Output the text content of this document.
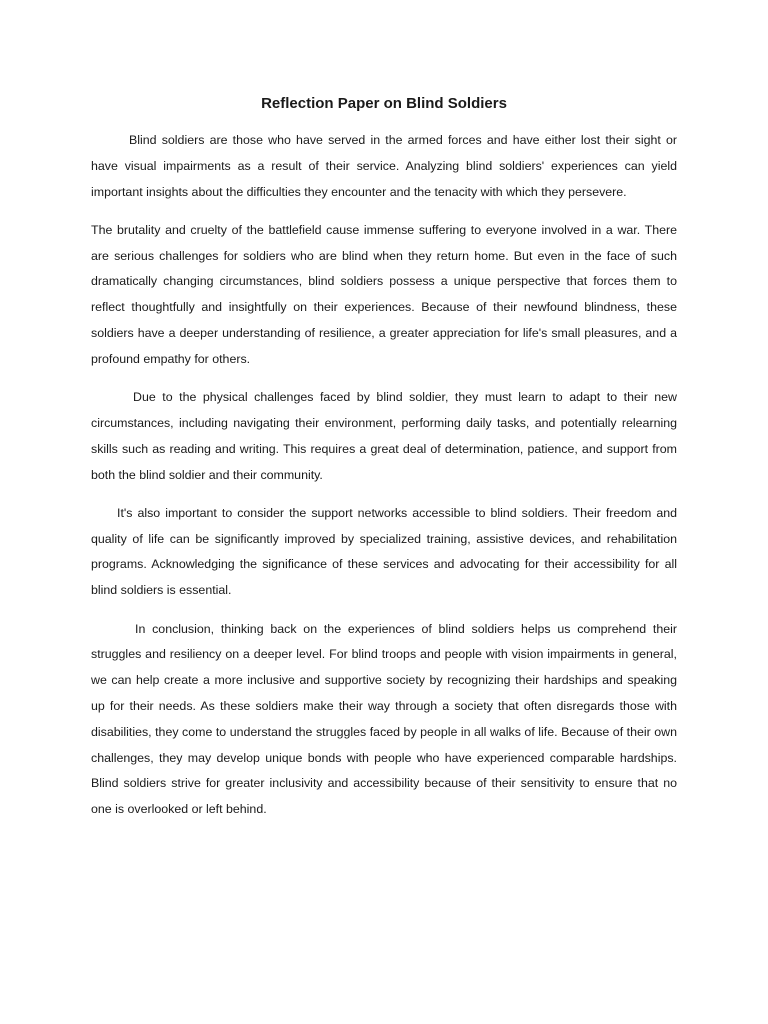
Reflection Paper on Blind Soldiers

Blind soldiers are those who have served in the armed forces and have either lost their sight or have visual impairments as a result of their service. Analyzing blind soldiers' experiences can yield important insights about the difficulties they encounter and the tenacity with which they persevere.

The brutality and cruelty of the battlefield cause immense suffering to everyone involved in a war. There are serious challenges for soldiers who are blind when they return home. But even in the face of such dramatically changing circumstances, blind soldiers possess a unique perspective that forces them to reflect thoughtfully and insightfully on their experiences. Because of their newfound blindness, these soldiers have a deeper understanding of resilience, a greater appreciation for life's small pleasures, and a profound empathy for others.

Due to the physical challenges faced by blind soldier, they must learn to adapt to their new circumstances, including navigating their environment, performing daily tasks, and potentially relearning skills such as reading and writing. This requires a great deal of determination, patience, and support from both the blind soldier and their community.

It's also important to consider the support networks accessible to blind soldiers. Their freedom and quality of life can be significantly improved by specialized training, assistive devices, and rehabilitation programs. Acknowledging the significance of these services and advocating for their accessibility for all blind soldiers is essential.

In conclusion, thinking back on the experiences of blind soldiers helps us comprehend their struggles and resiliency on a deeper level. For blind troops and people with vision impairments in general, we can help create a more inclusive and supportive society by recognizing their hardships and speaking up for their needs. As these soldiers make their way through a society that often disregards those with disabilities, they come to understand the struggles faced by people in all walks of life. Because of their own challenges, they may develop unique bonds with people who have experienced comparable hardships. Blind soldiers strive for greater inclusivity and accessibility because of their sensitivity to ensure that no one is overlooked or left behind.
